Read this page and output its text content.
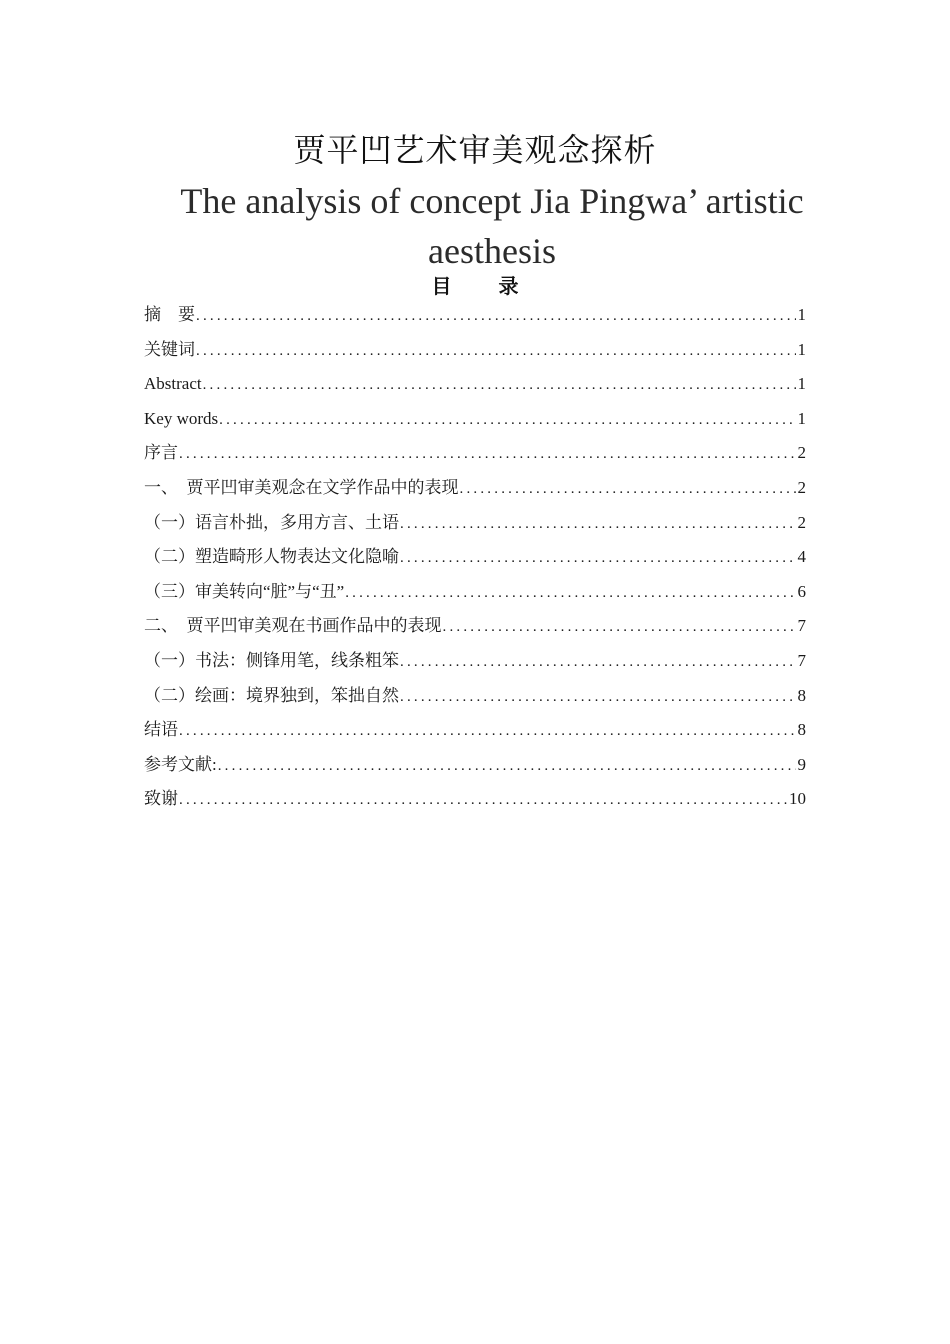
贾平凹艺术审美观念探析
The analysis of concept Jia Pingwa’ artistic aesthesis
目 录
摘    要 .....	1
关键词 .....	1
Abstract .....	1
Key words .....	1
序言 .....	2
一、  贾平凹审美观念在文学作品中的表现 .....	2
（一）语言朴拙，多用方言、土语 .....	2
（二）塑造畸形人物表达文化隐喻 .....	4
（三）审美转向“脏”与“丑” .....	6
二、  贾平凹审美观在书画作品中的表现 .....	7
（一）书法：侧锋用笔，线条粗笨 .....	7
（二）绘画：境界独到，笨拙自然 .....	8
结语 .....	8
参考文献: .....	9
致谢 .....	10
